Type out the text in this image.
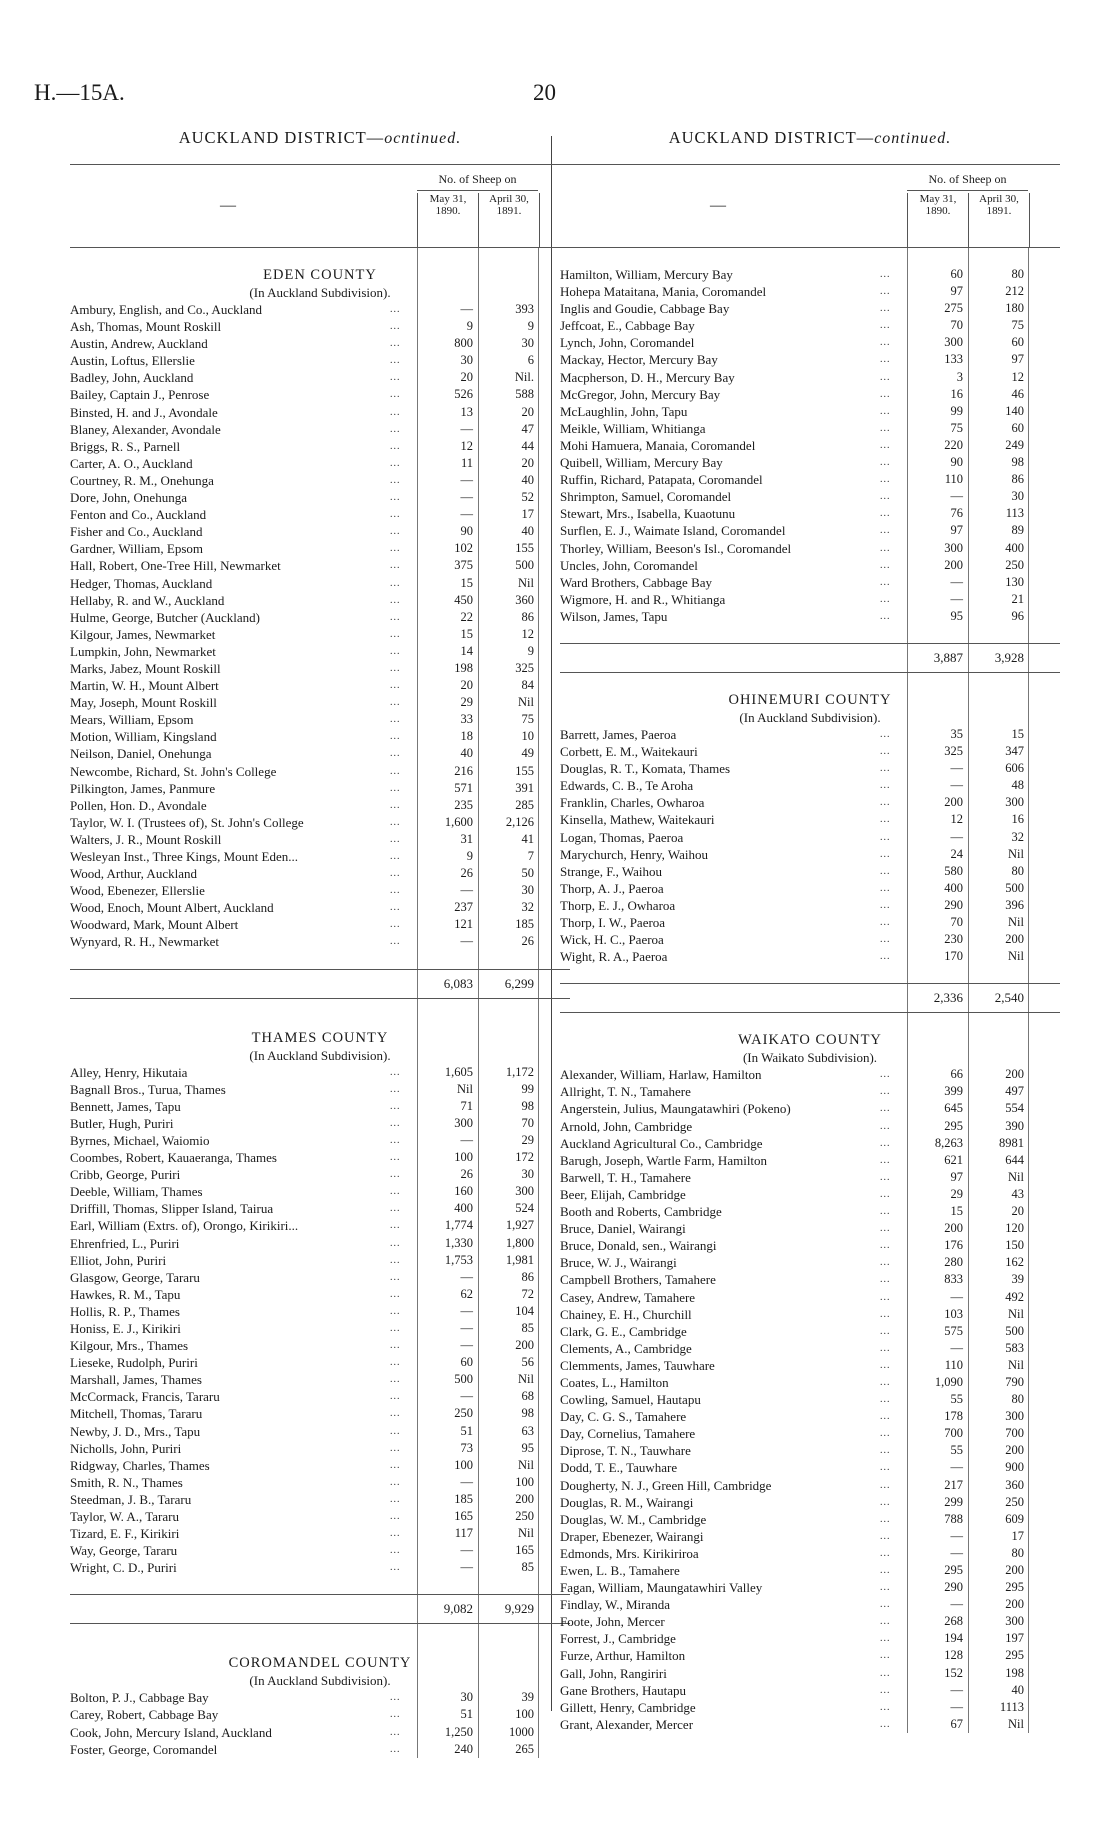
H.—15A.	20
AUCKLAND DISTRICT—ocntinued.
—
No. of Sheep on
May 31, 1890.
April 30, 1891.
EDEN COUNTY
(In Auckland Subdivision).
Ambury, English, and Co., Auckland	...	—	393
Ash, Thomas, Mount Roskill	...	9	9
Austin, Andrew, Auckland	...	800	30
Austin, Loftus, Ellerslie	...	30	6
Badley, John, Auckland	...	20	Nil.
Bailey, Captain J., Penrose	...	526	588
Binsted, H. and J., Avondale	...	13	20
Blaney, Alexander, Avondale	...	—	47
Briggs, R. S., Parnell	...	12	44
Carter, A. O., Auckland	...	11	20
Courtney, R. M., Onehunga	...	—	40
Dore, John, Onehunga	...	—	52
Fenton and Co., Auckland	...	—	17
Fisher and Co., Auckland	...	90	40
Gardner, William, Epsom	...	102	155
Hall, Robert, One-Tree Hill, Newmarket	...	375	500
Hedger, Thomas, Auckland	...	15	Nil
Hellaby, R. and W., Auckland	...	450	360
Hulme, George, Butcher (Auckland)	...	22	86
Kilgour, James, Newmarket	...	15	12
Lumpkin, John, Newmarket	...	14	9
Marks, Jabez, Mount Roskill	...	198	325
Martin, W. H., Mount Albert	...	20	84
May, Joseph, Mount Roskill	...	29	Nil
Mears, William, Epsom	...	33	75
Motion, William, Kingsland	...	18	10
Neilson, Daniel, Onehunga	...	40	49
Newcombe, Richard, St. John's College	...	216	155
Pilkington, James, Panmure	...	571	391
Pollen, Hon. D., Avondale	...	235	285
Taylor, W. I. (Trustees of), St. John's College	...	1,600	2,126
Walters, J. R., Mount Roskill	...	31	41
Wesleyan Inst., Three Kings, Mount Eden...	...	9	7
Wood, Arthur, Auckland	...	26	50
Wood, Ebenezer, Ellerslie	...	—	30
Wood, Enoch, Mount Albert, Auckland	...	237	32
Woodward, Mark, Mount Albert	...	121	185
Wynyard, R. H., Newmarket	...	—	26
6,083	6,299
THAMES COUNTY
(In Auckland Subdivision).
Alley, Henry, Hikutaia	...	1,605	1,172
Bagnall Bros., Turua, Thames	...	Nil	99
Bennett, James, Tapu	...	71	98
Butler, Hugh, Puriri	...	300	70
Byrnes, Michael, Waiomio	...	—	29
Coombes, Robert, Kauaeranga, Thames	...	100	172
Cribb, George, Puriri	...	26	30
Deeble, William, Thames	...	160	300
Driffill, Thomas, Slipper Island, Tairua	...	400	524
Earl, William (Extrs. of), Orongo, Kirikiri...	...	1,774	1,927
Ehrenfried, L., Puriri	...	1,330	1,800
Elliot, John, Puriri	...	1,753	1,981
Glasgow, George, Tararu	...	—	86
Hawkes, R. M., Tapu	...	62	72
Hollis, R. P., Thames	...	—	104
Honiss, E. J., Kirikiri	...	—	85
Kilgour, Mrs., Thames	...	—	200
Lieseke, Rudolph, Puriri	...	60	56
Marshall, James, Thames	...	500	Nil
McCormack, Francis, Tararu	...	—	68
Mitchell, Thomas, Tararu	...	250	98
Newby, J. D., Mrs., Tapu	...	51	63
Nicholls, John, Puriri	...	73	95
Ridgway, Charles, Thames	...	100	Nil
Smith, R. N., Thames	...	—	100
Steedman, J. B., Tararu	...	185	200
Taylor, W. A., Tararu	...	165	250
Tizard, E. F., Kirikiri	...	117	Nil
Way, George, Tararu	...	—	165
Wright, C. D., Puriri	...	—	85
9,082	9,929
COROMANDEL COUNTY
(In Auckland Subdivision).
Bolton, P. J., Cabbage Bay	...	30	39
Carey, Robert, Cabbage Bay	...	51	100
Cook, John, Mercury Island, Auckland	...	1,250	1000
Foster, George, Coromandel	...	240	265
AUCKLAND DISTRICT—continued.
—
No. of Sheep on
May 31, 1890.
April 30, 1891.
Hamilton, William, Mercury Bay	...	60	80
Hohepa Mataitana, Mania, Coromandel	...	97	212
Inglis and Goudie, Cabbage Bay	...	275	180
Jeffcoat, E., Cabbage Bay	...	70	75
Lynch, John, Coromandel	...	300	60
Mackay, Hector, Mercury Bay	...	133	97
Macpherson, D. H., Mercury Bay	...	3	12
McGregor, John, Mercury Bay	...	16	46
McLaughlin, John, Tapu	...	99	140
Meikle, William, Whitianga	...	75	60
Mohi Hamuera, Manaia, Coromandel	...	220	249
Quibell, William, Mercury Bay	...	90	98
Ruffin, Richard, Patapata, Coromandel	...	110	86
Shrimpton, Samuel, Coromandel	...	—	30
Stewart, Mrs., Isabella, Kuaotunu	...	76	113
Surflen, E. J., Waimate Island, Coromandel	...	97	89
Thorley, William, Beeson's Isl., Coromandel	...	300	400
Uncles, John, Coromandel	...	200	250
Ward Brothers, Cabbage Bay	...	—	130
Wigmore, H. and R., Whitianga	...	—	21
Wilson, James, Tapu	...	95	96
3,887	3,928
OHINEMURI COUNTY
(In Auckland Subdivision).
Barrett, James, Paeroa	...	35	15
Corbett, E. M., Waitekauri	...	325	347
Douglas, R. T., Komata, Thames	...	—	606
Edwards, C. B., Te Aroha	...	—	48
Franklin, Charles, Owharoa	...	200	300
Kinsella, Mathew, Waitekauri	...	12	16
Logan, Thomas, Paeroa	...	—	32
Marychurch, Henry, Waihou	...	24	Nil
Strange, F., Waihou	...	580	80
Thorp, A. J., Paeroa	...	400	500
Thorp, E. J., Owharoa	...	290	396
Thorp, I. W., Paeroa	...	70	Nil
Wick, H. C., Paeroa	...	230	200
Wight, R. A., Paeroa	...	170	Nil
2,336	2,540
WAIKATO COUNTY
(In Waikato Subdivision).
Alexander, William, Harlaw, Hamilton	...	66	200
Allright, T. N., Tamahere	...	399	497
Angerstein, Julius, Maungatawhiri (Pokeno)	...	645	554
Arnold, John, Cambridge	...	295	390
Auckland Agricultural Co., Cambridge	...	8,263	8981
Barugh, Joseph, Wartle Farm, Hamilton	...	621	644
Barwell, T. H., Tamahere	...	97	Nil
Beer, Elijah, Cambridge	...	29	43
Booth and Roberts, Cambridge	...	15	20
Bruce, Daniel, Wairangi	...	200	120
Bruce, Donald, sen., Wairangi	...	176	150
Bruce, W. J., Wairangi	...	280	162
Campbell Brothers, Tamahere	...	833	39
Casey, Andrew, Tamahere	...	—	492
Chainey, E. H., Churchill	...	103	Nil
Clark, G. E., Cambridge	...	575	500
Clements, A., Cambridge	...	—	583
Clemments, James, Tauwhare	...	110	Nil
Coates, L., Hamilton	...	1,090	790
Cowling, Samuel, Hautapu	...	55	80
Day, C. G. S., Tamahere	...	178	300
Day, Cornelius, Tamahere	...	700	700
Diprose, T. N., Tauwhare	...	55	200
Dodd, T. E., Tauwhare	...	—	900
Dougherty, N. J., Green Hill, Cambridge	...	217	360
Douglas, R. M., Wairangi	...	299	250
Douglas, W. M., Cambridge	...	788	609
Draper, Ebenezer, Wairangi	...	—	17
Edmonds, Mrs. Kirikiriroa	...	—	80
Ewen, L. B., Tamahere	...	295	200
Fagan, William, Maungatawhiri Valley	...	290	295
Findlay, W., Miranda	...	—	200
Foote, John, Mercer	...	268	300
Forrest, J., Cambridge	...	194	197
Furze, Arthur, Hamilton	...	128	295
Gall, John, Rangiriri	...	152	198
Gane Brothers, Hautapu	...	—	40
Gillett, Henry, Cambridge	...	—	1113
Grant, Alexander, Mercer	...	67	Nil
